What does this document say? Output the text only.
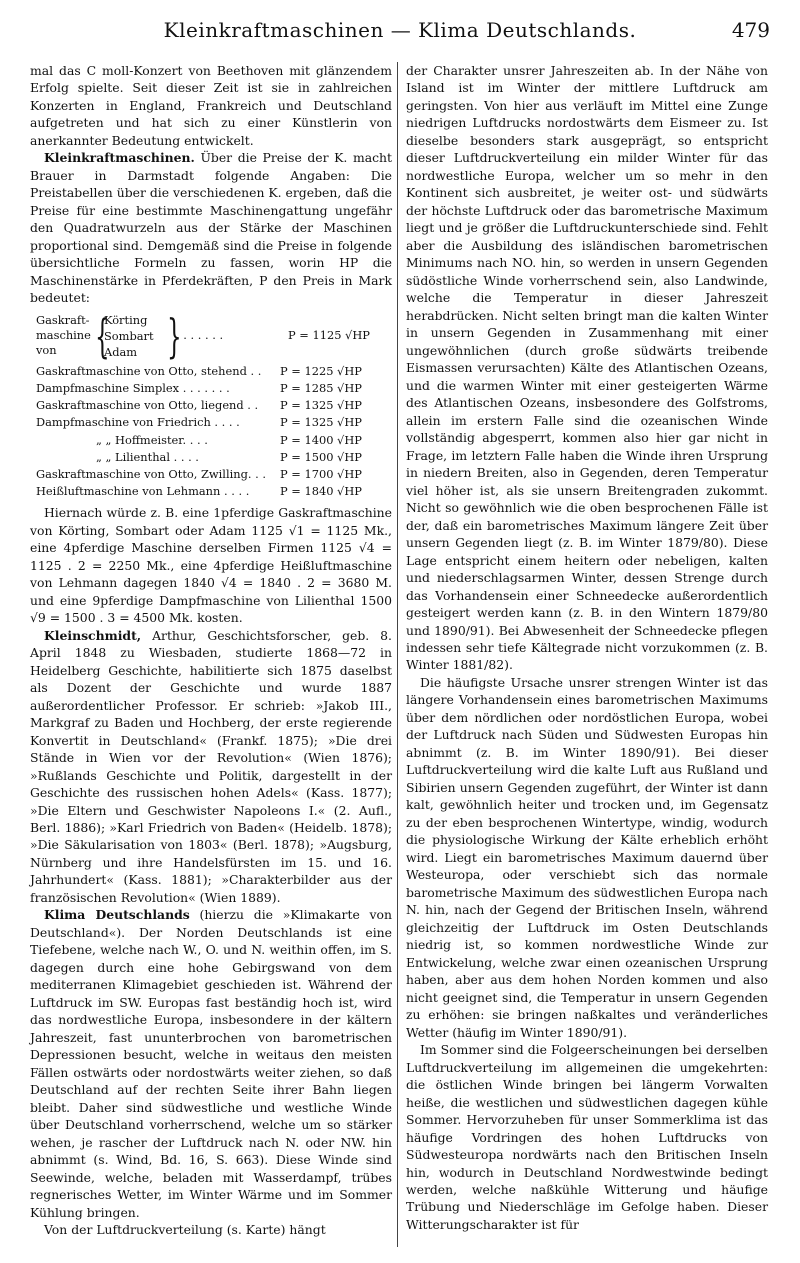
Kleinkraftmaschinen — Klima Deutschlands.	479

mal das C moll-Konzert von Beethoven mit glänzendem Erfolg spielte. Seit dieser Zeit ist sie in zahlreichen Konzerten in England, Frankreich und Deutschland aufgetreten und hat sich zu einer Künstlerin von anerkannter Bedeutung entwickelt.

Kleinkraftmaschinen. Über die Preise der K. macht Brauer in Darmstadt folgende Angaben: Die Preistabellen über die verschiedenen K. ergeben, daß die Preise für eine bestimmte Maschinengattung ungefähr den Quadratwurzeln aus der Stärke der Maschinen proportional sind. Demgemäß sind die Preise in folgende übersichtliche Formeln zu fassen, worin HP die Maschinenstärke in Pferdekräften, P den Preis in Mark bedeutet:

Gaskraft-
maschine
von {
Körting
Sombart
Adam }
. . . . . . .	P = 1125 √HP
Gaskraftmaschine von Otto, stehend . .	P = 1225 √HP
Dampfmaschine Simplex . . . . . . .	P = 1285 √HP
Gaskraftmaschine von Otto, liegend . .	P = 1325 √HP
Dampfmaschine von Friedrich . . . .	P = 1325 √HP
„ „ Hoffmeister. . . .	P = 1400 √HP
„ „ Lilienthal . . . .	P = 1500 √HP
Gaskraftmaschine von Otto, Zwilling. . .	P = 1700 √HP
Heißluftmaschine von Lehmann . . . .	P = 1840 √HP

Hiernach würde z. B. eine 1pferdige Gaskraftmaschine von Körting, Sombart oder Adam 1125 √1 = 1125 Mk., eine 4pferdige Maschine derselben Firmen 1125 √4 = 1125 . 2 = 2250 Mk., eine 4pferdige Heißluftmaschine von Lehmann dagegen 1840 √4 = 1840 . 2 = 3680 M. und eine 9pferdige Dampfmaschine von Lilienthal 1500 √9 = 1500 . 3 = 4500 Mk. kosten.

Kleinschmidt, Arthur, Geschichtsforscher, geb. 8. April 1848 zu Wiesbaden, studierte 1868—72 in Heidelberg Geschichte, habilitierte sich 1875 daselbst als Dozent der Geschichte und wurde 1887 außerordentlicher Professor. Er schrieb: »Jakob III., Markgraf zu Baden und Hochberg, der erste regierende Konvertit in Deutschland« (Frankf. 1875); »Die drei Stände in Wien vor der Revolution« (Wien 1876); »Rußlands Geschichte und Politik, dargestellt in der Geschichte des russischen hohen Adels« (Kass. 1877); »Die Eltern und Geschwister Napoleons I.« (2. Aufl., Berl. 1886); »Karl Friedrich von Baden« (Heidelb. 1878); »Die Säkularisation von 1803« (Berl. 1878); »Augsburg, Nürnberg und ihre Handelsfürsten im 15. und 16. Jahrhundert« (Kass. 1881); »Charakterbilder aus der französischen Revolution« (Wien 1889).

Klima Deutschlands (hierzu die »Klimakarte von Deutschland«). Der Norden Deutschlands ist eine Tiefebene, welche nach W., O. und N. weithin offen, im S. dagegen durch eine hohe Gebirgswand von dem mediterranen Klimagebiet geschieden ist. Während der Luftdruck im SW. Europas fast beständig hoch ist, wird das nordwestliche Europa, insbesondere in der kältern Jahreszeit, fast ununterbrochen von barometrischen Depressionen besucht, welche in weitaus den meisten Fällen ostwärts oder nordostwärts weiter ziehen, so daß Deutschland auf der rechten Seite ihrer Bahn liegen bleibt. Daher sind südwestliche und westliche Winde über Deutschland vorherrschend, welche um so stärker wehen, je rascher der Luftdruck nach N. oder NW. hin abnimmt (s. Wind, Bd. 16, S. 663). Diese Winde sind Seewinde, welche, beladen mit Wasserdampf, trübes regnerisches Wetter, im Winter Wärme und im Sommer Kühlung bringen.

Von der Luftdruckverteilung (s. Karte) hängt

der Charakter unsrer Jahreszeiten ab. In der Nähe von Island ist im Winter der mittlere Luftdruck am geringsten. Von hier aus verläuft im Mittel eine Zunge niedrigen Luftdrucks nordostwärts dem Eismeer zu. Ist dieselbe besonders stark ausgeprägt, so entspricht dieser Luftdruckverteilung ein milder Winter für das nordwestliche Europa, welcher um so mehr in den Kontinent sich ausbreitet, je weiter ost- und südwärts der höchste Luftdruck oder das barometrische Maximum liegt und je größer die Luftdruckunterschiede sind. Fehlt aber die Ausbildung des isländischen barometrischen Minimums nach NO. hin, so werden in unsern Gegenden südöstliche Winde vorherrschend sein, also Landwinde, welche die Temperatur in dieser Jahreszeit herabdrücken. Nicht selten bringt man die kalten Winter in unsern Gegenden in Zusammenhang mit einer ungewöhnlichen (durch große südwärts treibende Eismassen verursachten) Kälte des Atlantischen Ozeans, und die warmen Winter mit einer gesteigerten Wärme des Atlantischen Ozeans, insbesondere des Golfstroms, allein im erstern Falle sind die ozeanischen Winde vollständig abgesperrt, kommen also hier gar nicht in Frage, im letztern Falle haben die Winde ihren Ursprung in niedern Breiten, also in Gegenden, deren Temperatur viel höher ist, als sie unsern Breitengraden zukommt. Nicht so gewöhnlich wie die oben besprochenen Fälle ist der, daß ein barometrisches Maximum längere Zeit über unsern Gegenden liegt (z. B. im Winter 1879/80). Diese Lage entspricht einem heitern oder nebeligen, kalten und niederschlagsarmen Winter, dessen Strenge durch das Vorhandensein einer Schneedecke außerordentlich gesteigert werden kann (z. B. in den Wintern 1879/80 und 1890/91). Bei Abwesenheit der Schneedecke pflegen indessen sehr tiefe Kältegrade nicht vorzukommen (z. B. Winter 1881/82).

Die häufigste Ursache unsrer strengen Winter ist das längere Vorhandensein eines barometrischen Maximums über dem nördlichen oder nordöstlichen Europa, wobei der Luftdruck nach Süden und Südwesten Europas hin abnimmt (z. B. im Winter 1890/91). Bei dieser Luftdruckverteilung wird die kalte Luft aus Rußland und Sibirien unsern Gegenden zugeführt, der Winter ist dann kalt, gewöhnlich heiter und trocken und, im Gegensatz zu der eben besprochenen Wintertype, windig, wodurch die physiologische Wirkung der Kälte erheblich erhöht wird. Liegt ein barometrisches Maximum dauernd über Westeuropa, oder verschiebt sich das normale barometrische Maximum des südwestlichen Europa nach N. hin, nach der Gegend der Britischen Inseln, während gleichzeitig der Luftdruck im Osten Deutschlands niedrig ist, so kommen nordwestliche Winde zur Entwickelung, welche zwar einen ozeanischen Ursprung haben, aber aus dem hohen Norden kommen und also nicht geeignet sind, die Temperatur in unsern Gegenden zu erhöhen: sie bringen naßkaltes und veränderliches Wetter (häufig im Winter 1890/91).

Im Sommer sind die Folgeerscheinungen bei derselben Luftdruckverteilung im allgemeinen die umgekehrten: die östlichen Winde bringen bei längerm Vorwalten heiße, die westlichen und südwestlichen dagegen kühle Sommer. Hervorzuheben für unser Sommerklima ist das häufige Vordringen des hohen Luftdrucks von Südwesteuropa nordwärts nach den Britischen Inseln hin, wodurch in Deutschland Nordwestwinde bedingt werden, welche naßkühle Witterung und häufige Trübung und Niederschläge im Gefolge haben. Dieser Witterungscharakter ist für
